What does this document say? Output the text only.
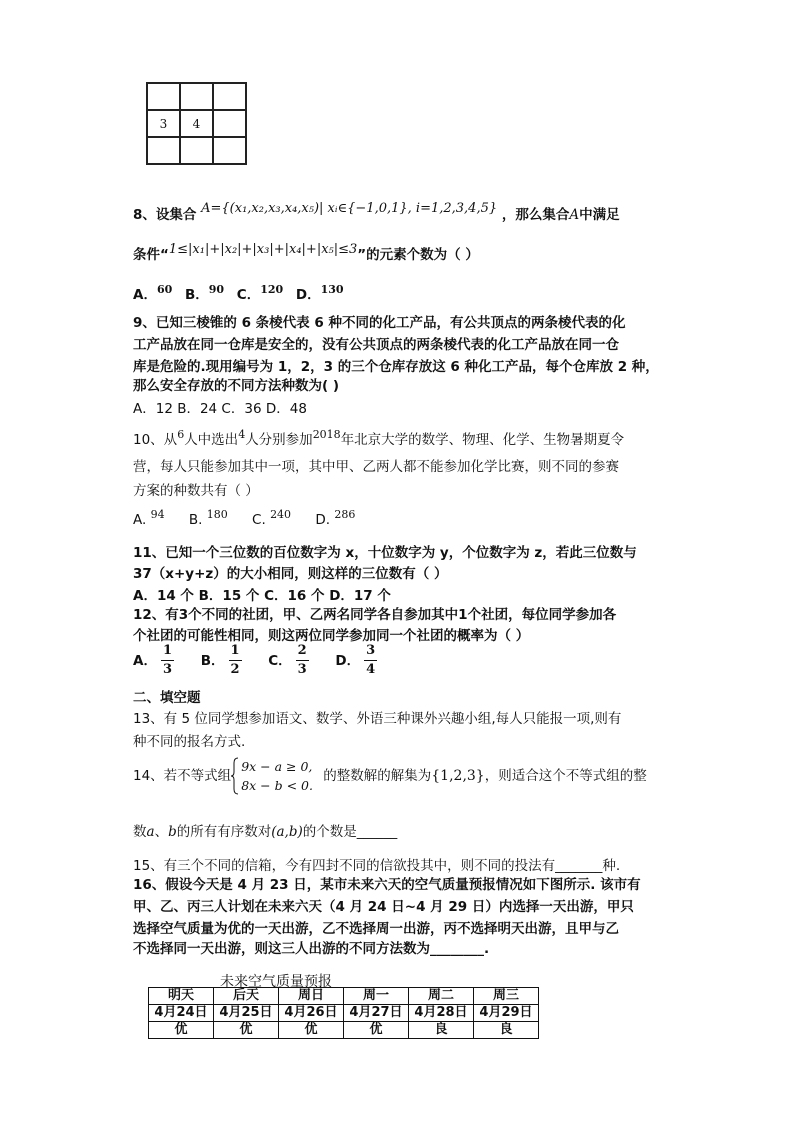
3	4	

8、设集合 A={(x₁,x₂,x₃,x₄,x₅)| xᵢ∈{−1,0,1}, i=1,2,3,4,5} ，那么集合A中满足
条件“1≤|x₁|+|x₂|+|x₃|+|x₄|+|x₅|≤3”的元素个数为（ ）
A．$^{60}$ B．$^{90}$ C．$^{120}$ D．$^{130}$
9、已知三棱锥的 6 条棱代表 6 种不同的化工产品，有公共顶点的两条棱代表的化
工产品放在同一仓库是安全的，没有公共顶点的两条棱代表的化工产品放在同一仓
库是危险的.现用编号为 1，2，3 的三个仓库存放这 6 种化工产品，每个仓库放 2 种，
那么安全存放的不同方法种数为( )
A．12 B．24 C．36 D．48
10、从$^6$人中选出$^4$人分别参加$^{2018}$年北京大学的数学、物理、化学、生物暑期夏令
营，每人只能参加其中一项，其中甲、乙两人都不能参加化学比赛，则不同的参赛
方案的种数共有（ ）
A. $^{94}$ B. $^{180}$ C. $^{240}$ D. $^{286}$
11、已知一个三位数的百位数字为 x，十位数字为 y，个位数字为 z，若此三位数与
37（x+y+z）的大小相同，则这样的三位数有（ ）
A．14 个 B．15 个 C．16 个 D．17 个
12、有3个不同的社团，甲、乙两名同学各自参加其中1个社团，每位同学参加各
个社团的可能性相同，则这两位同学参加同一个社团的概率为（ ）
A． $\frac{1}{3}$ B． $\frac{1}{2}$ C． $\frac{2}{3}$ D． $\frac{3}{4}$
二、填空题
13、有 5 位同学想参加语文、数学、外语三种课外兴趣小组,每人只能报一项,则有
种不同的报名方式.
14、若不等式组
9x − a ≥ 0,
8x − b < 0.
的整数解的解集为{1,2,3}，则适合这个不等式组的整
数a、b的所有有序数对(a,b)的个数是______
15、有三个不同的信箱，今有四封不同的信欲投其中，则不同的投法有_______种.
16、假设今天是 4 月 23 日，某市未来六天的空气质量预报情况如下图所示. 该市有
甲、乙、丙三人计划在未来六天（4 月 24 日~4 月 29 日）内选择一天出游，甲只
选择空气质量为优的一天出游，乙不选择周一出游，丙不选择明天出游，且甲与乙
不选择同一天出游，则这三人出游的不同方法数为________.
未来空气质量预报
明天	后天	周日	周一	周二	周三
4月24日	4月25日	4月26日	4月27日	4月28日	4月29日
优	优	优	优	良	良
